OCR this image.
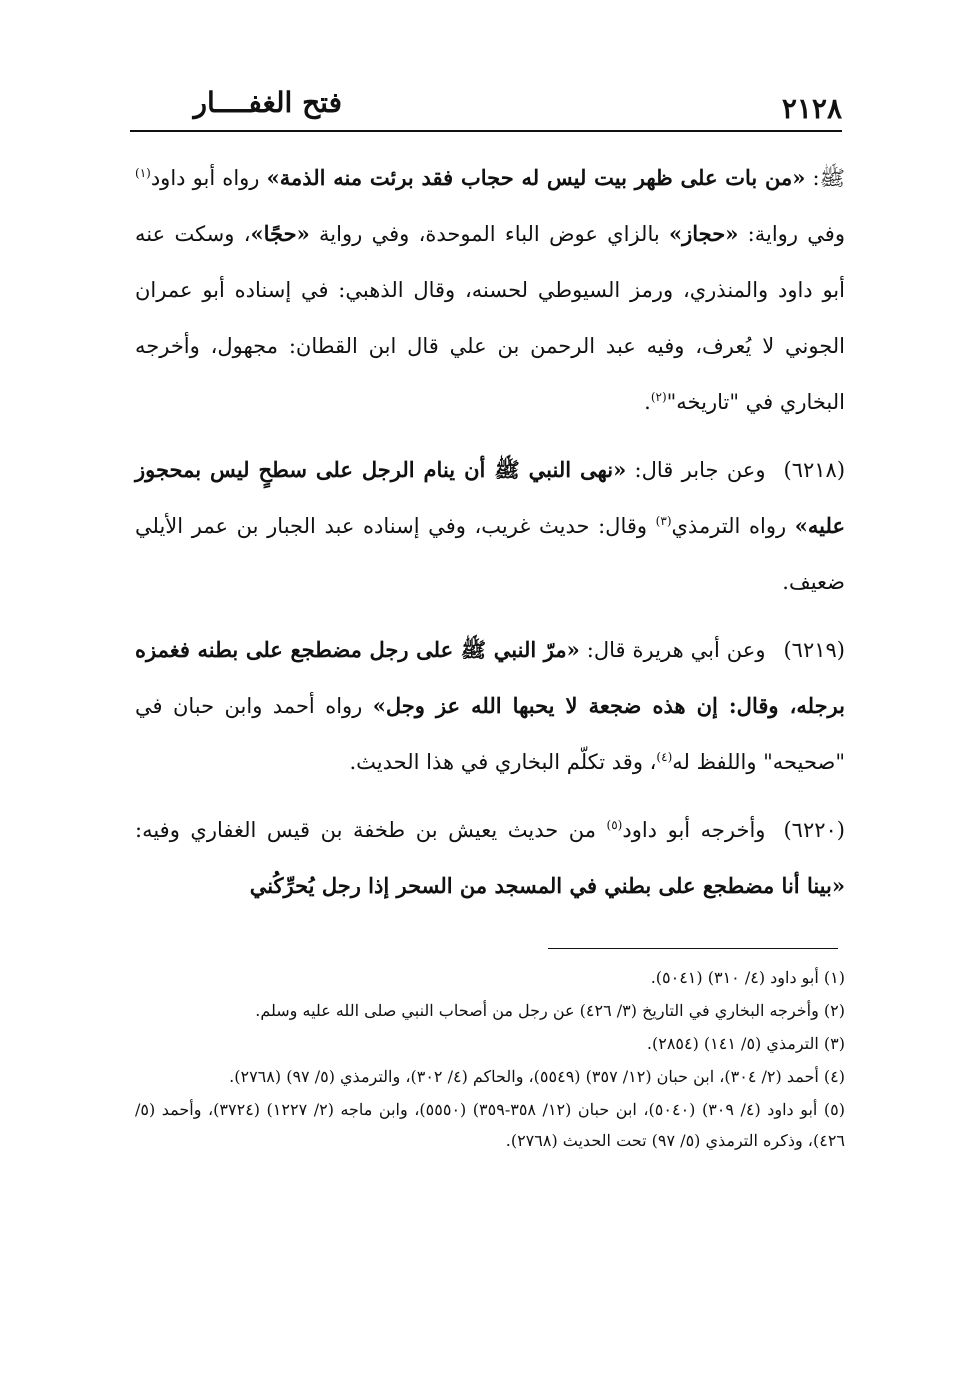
٢١٢٨
فتح الغفــــار

ﷺ: «من بات على ظهر بيت ليس له حجاب فقد برئت منه الذمة» رواه أبو داود$^{(١)}$ وفي رواية: «حجاز» بالزاي عوض الباء الموحدة، وفي رواية «حجًا»، وسكت عنه أبو داود والمنذري، ورمز السيوطي لحسنه، وقال الذهبي: في إسناده أبو عمران الجوني لا يُعرف، وفيه عبد الرحمن بن علي قال ابن القطان: مجهول، وأخرجه البخاري في "تاريخه"$^{(٢)}$.

(٦٢١٨)وعن جابر قال: «نهى النبي ﷺ أن ينام الرجل على سطحٍ ليس بمحجوز عليه» رواه الترمذي$^{(٣)}$ وقال: حديث غريب، وفي إسناده عبد الجبار بن عمر الأيلي ضعيف.

(٦٢١٩)وعن أبي هريرة قال: «مرّ النبي ﷺ على رجل مضطجع على بطنه فغمزه برجله، وقال: إن هذه ضجعة لا يحبها الله عز وجل» رواه أحمد وابن حبان في "صحيحه" واللفظ له$^{(٤)}$، وقد تكلّم البخاري في هذا الحديث.

(٦٢٢٠)وأخرجه أبو داود$^{(٥)}$ من حديث يعيش بن طخفة بن قيس الغفاري وفيه: «بينا أنا مضطجع على بطني في المسجد من السحر إذا رجل يُحرِّكُني

(١) أبو داود (٤/ ٣١٠) (٥٠٤١).

(٢) وأخرجه البخاري في التاريخ (٣/ ٤٢٦) عن رجل من أصحاب النبي صلى الله عليه وسلم.

(٣) الترمذي (٥/ ١٤١) (٢٨٥٤).

(٤) أحمد (٢/ ٣٠٤)، ابن حبان (١٢/ ٣٥٧) (٥٥٤٩)، والحاكم (٤/ ٣٠٢)، والترمذي (٥/ ٩٧) (٢٧٦٨).

(٥) أبو داود (٤/ ٣٠٩) (٥٠٤٠)، ابن حبان (١٢/ ٣٥٨-٣٥٩) (٥٥٥٠)، وابن ماجه (٢/ ١٢٢٧) (٣٧٢٤)، وأحمد (٥/ ٤٢٦)، وذكره الترمذي (٥/ ٩٧) تحت الحديث (٢٧٦٨).
